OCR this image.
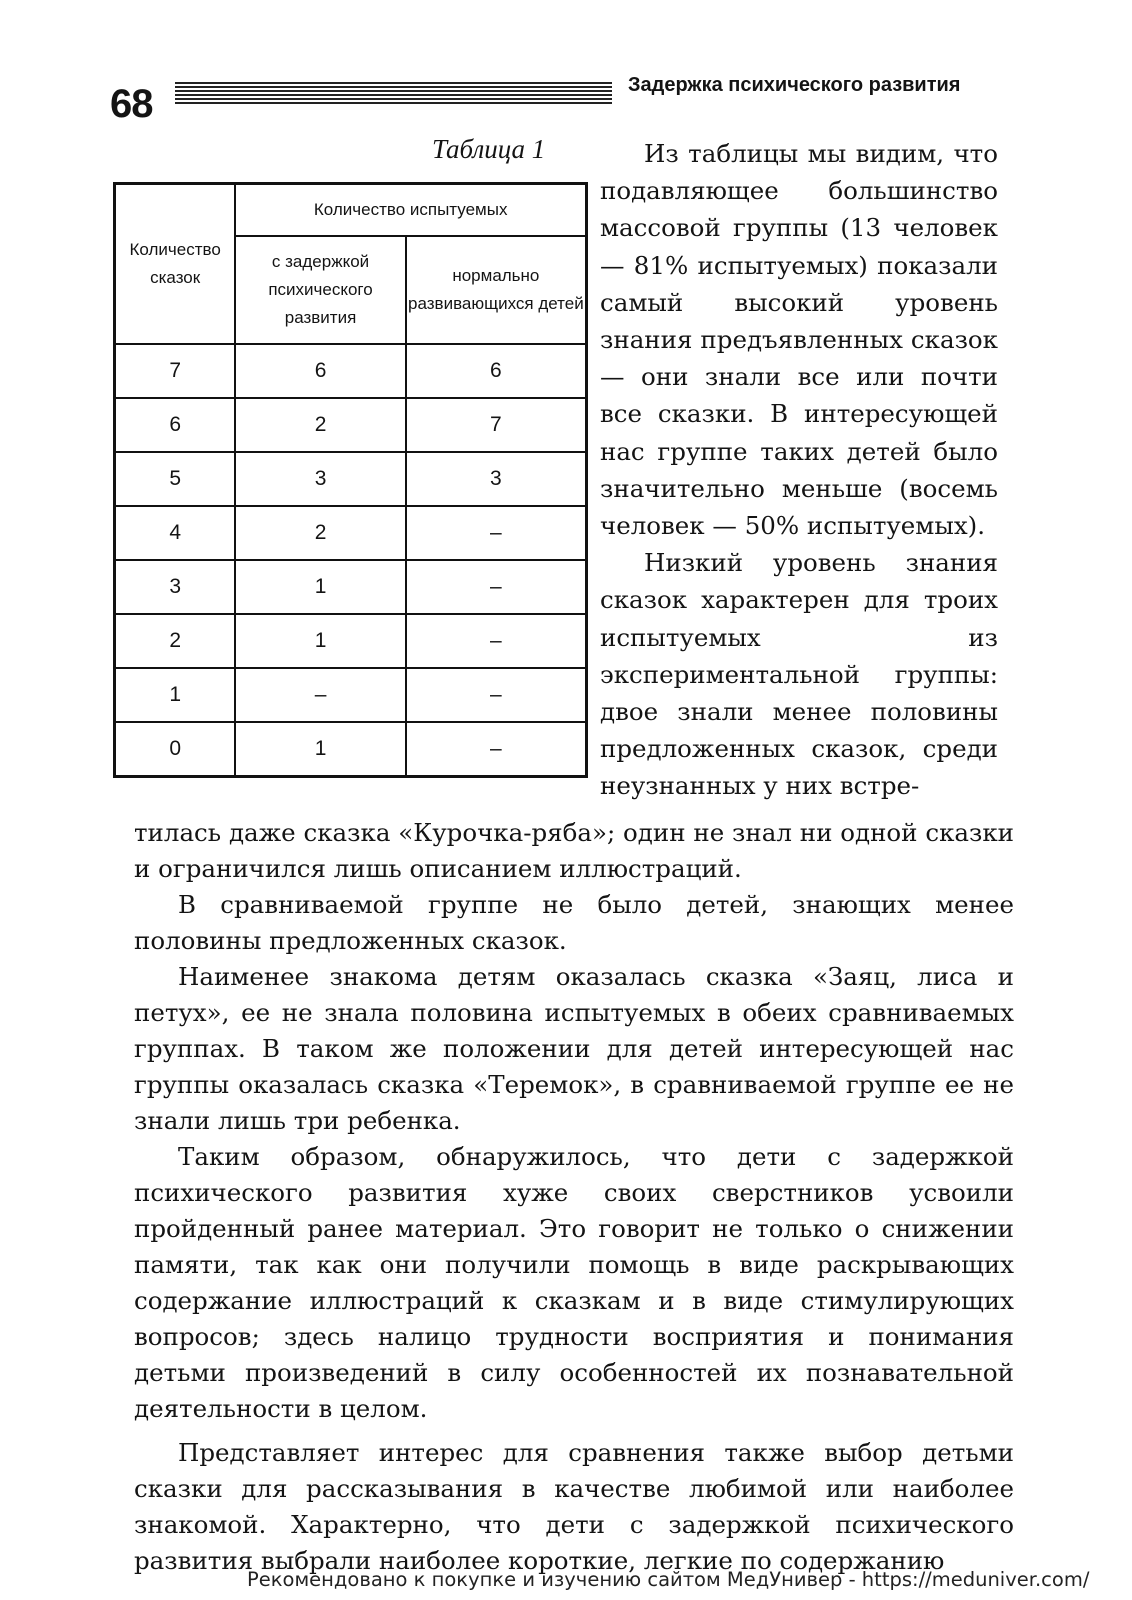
68	Задержка психического развития
Таблица 1
Количество сказок	Количество испытуемых	
	с задержкой психического развития	нормально развивающихся детей
7	6	6
6	2	7
5	3	3
4	2	–
3	1	–
2	1	–
1	–	–
0	1	–

Из таблицы мы видим, что подавляющее большинство массовой группы (13 человек — 81% испытуемых) показали самый высокий уровень знания предъявленных сказок — они знали все или почти все сказки. В интересующей нас группе таких детей было значительно меньше (восемь человек — 50% испытуемых).

Низкий уровень знания сказок характерен для троих испытуемых из экспериментальной группы: двое знали менее половины предложенных сказок, среди неузнанных у них встре-

тилась даже сказка «Курочка-ряба»; один не знал ни одной сказки и ограничился лишь описанием иллюстраций.

В сравниваемой группе не было детей, знающих менее половины предложенных сказок.

Наименее знакома детям оказалась сказка «Заяц, лиса и петух», ее не знала половина испытуемых в обеих сравниваемых группах. В таком же положении для детей интересующей нас группы оказалась сказка «Теремок», в сравниваемой группе ее не знали лишь три ребенка.

Таким образом, обнаружилось, что дети с задержкой психического развития хуже своих сверстников усвоили пройденный ранее материал. Это говорит не только о снижении памяти, так как они получили помощь в виде раскрывающих содержание иллюстраций к сказкам и в виде стимулирующих вопросов; здесь налицо трудности восприятия и понимания детьми произведений в силу особенностей их познавательной деятельности в целом.

Представляет интерес для сравнения также выбор детьми сказки для рассказывания в качестве любимой или наиболее знакомой. Характерно, что дети с задержкой психического развития выбрали наиболее короткие, легкие по содержанию

Рекомендовано к покупке и изучению сайтом МедУнивер - https://meduniver.com/
